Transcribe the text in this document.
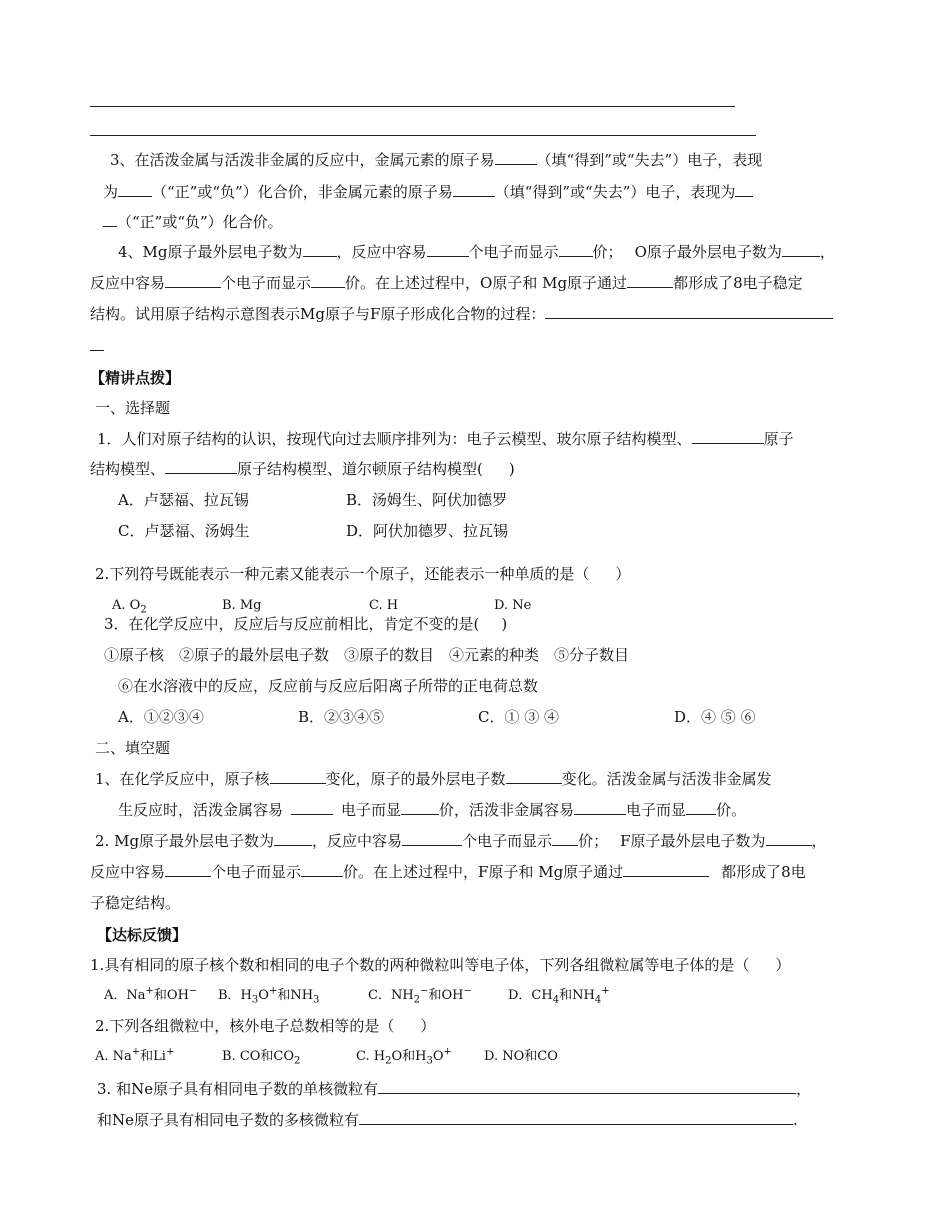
3、在活泼金属与活泼非金属的反应中，金属元素的原子易	（填“得到”或“失去”）电子，表现
为 （“正”或“负”）化合价，非金属元素的原子易	（填“得到”或“失去”）电子，表现为
（“正”或“负”）化合价。
4、Mg原子最外层电子数为 ，反应中容易	个电子而显示 价； O原子最外层电子数为	，
反应中容易	个电子而显示 价。在上述过程中，O原子和 Mg原子通过	都形成了8电子稳定
结构。试用原子结构示意图表示Mg原子与F原子形成化合物的过程：
【精讲点拨】
一、选择题
1．人们对原子结构的认识，按现代向过去顺序排列为：电子云模型、玻尔原子结构模型、	原子
结构模型、	原子结构模型、道尔顿原子结构模型( )
A．卢瑟福、拉瓦锡	B．汤姆生、阿伏加德罗
C．卢瑟福、汤姆生	D．阿伏加德罗、拉瓦锡
2.下列符号既能表示一种元素又能表示一个原子，还能表示一种单质的是（ ）
A. $O_2$	B. Mg	C. H	D. Ne
3．在化学反应中，反应后与反应前相比，肯定不变的是( )
①原子核　②原子的最外层电子数　③原子的数目　④元素的种类　⑤分子数目
⑥在水溶液中的反应，反应前与反应后阳离子所带的正电荷总数
A．①②③④	B．②③④⑤	C．① ③ ④	D．④ ⑤ ⑥
二、填空题
1、在化学反应中，原子核	变化，原子的最外层电子数	变化。活泼金属与活泼非金属发
生反应时，活泼金属容易	电子而显	价，活泼非金属容易	电子而显 价。
2. Mg原子最外层电子数为	，反应中容易	个电子而显示 价； F原子最外层电子数为	，
反应中容易	个电子而显示	价。在上述过程中，F原子和 Mg原子通过	都形成了8电
子稳定结构。
【达标反馈】
1.具有相同的原子核个数和相同的电子个数的两种微粒叫等电子体，下列各组微粒属等电子体的是（ ）
A．Na+和OH− B．$H_3O^+$和$NH_3$	C．$NH_2^-$和OH−	D．$CH_4$和$NH_4^+$
2.下列各组微粒中，核外电子总数相等的是（ ）
A. Na+和Li+	B. CO和$CO_2$	C. $H_2O$和$H_3O^+$ D. NO和CO
3. 和Ne原子具有相同电子数的单核微粒有	，
和Ne原子具有相同电子数的多核微粒有	.
